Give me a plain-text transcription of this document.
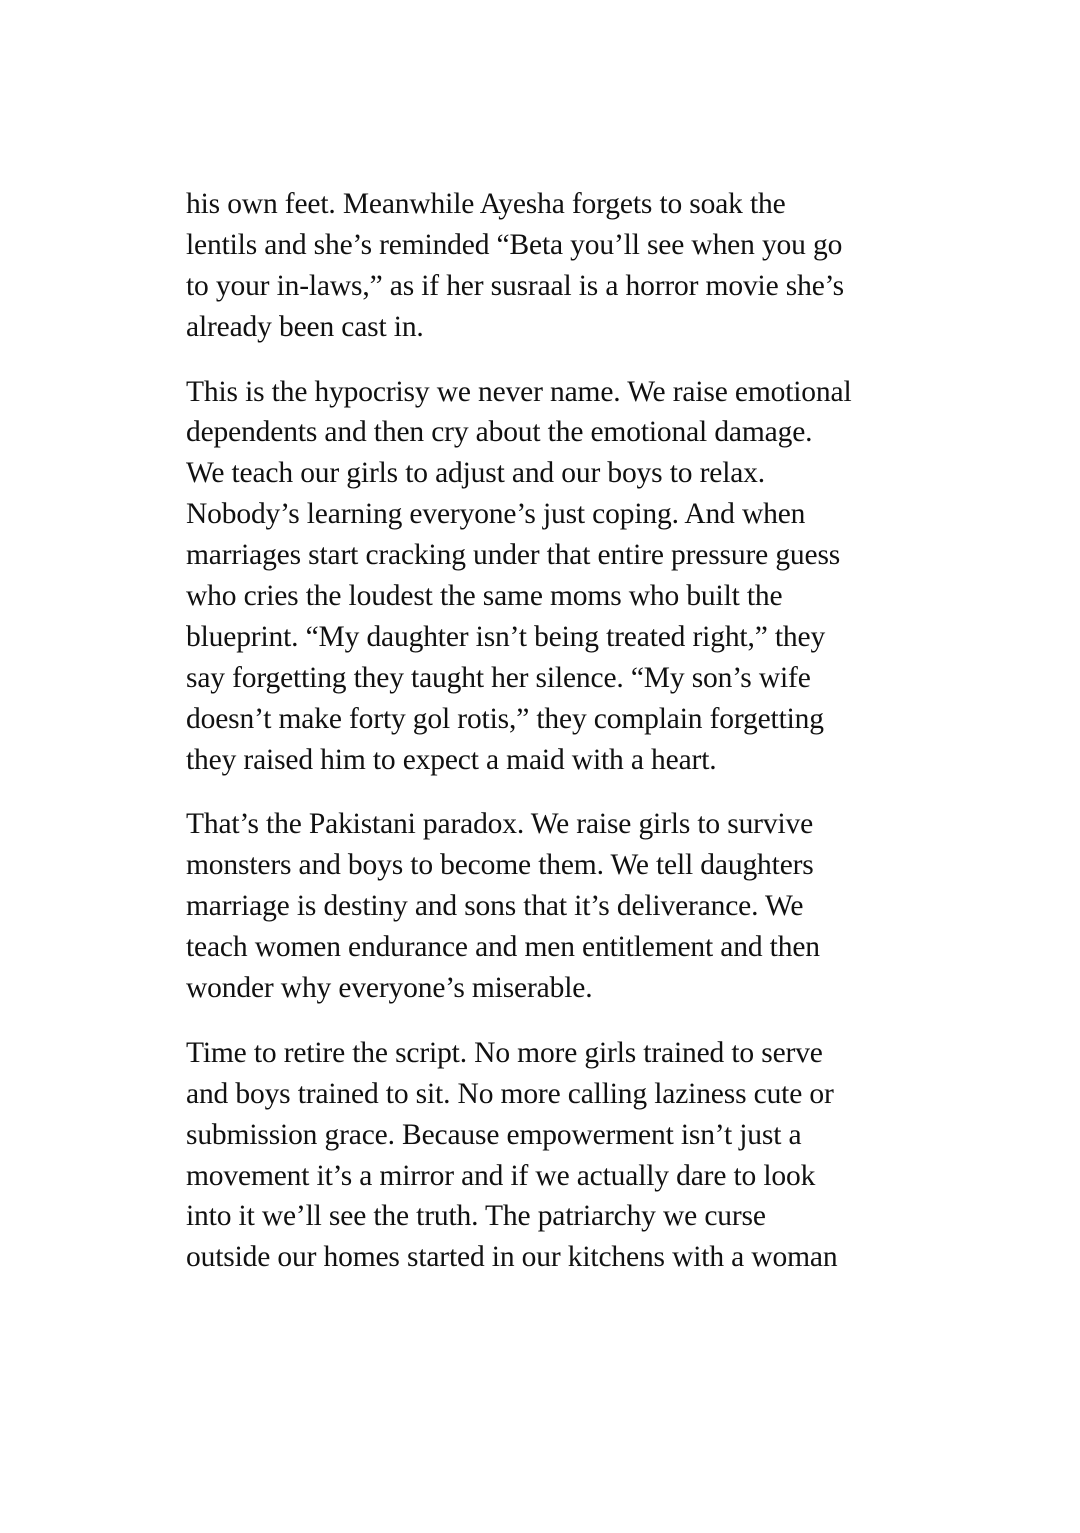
his own feet. Meanwhile Ayesha forgets to soak the
lentils and she’s reminded “Beta you’ll see when you go
to your in-laws,” as if her susraal is a horror movie she’s
already been cast in.

This is the hypocrisy we never name. We raise emotional
dependents and then cry about the emotional damage.
We teach our girls to adjust and our boys to relax.
Nobody’s learning everyone’s just coping. And when
marriages start cracking under that entire pressure guess
who cries the loudest the same moms who built the
blueprint. “My daughter isn’t being treated right,” they
say forgetting they taught her silence. “My son’s wife
doesn’t make forty gol rotis,” they complain forgetting
they raised him to expect a maid with a heart.

That’s the Pakistani paradox. We raise girls to survive
monsters and boys to become them. We tell daughters
marriage is destiny and sons that it’s deliverance. We
teach women endurance and men entitlement and then
wonder why everyone’s miserable.

Time to retire the script. No more girls trained to serve
and boys trained to sit. No more calling laziness cute or
submission grace. Because empowerment isn’t just a
movement it’s a mirror and if we actually dare to look
into it we’ll see the truth. The patriarchy we curse
outside our homes started in our kitchens with a woman
